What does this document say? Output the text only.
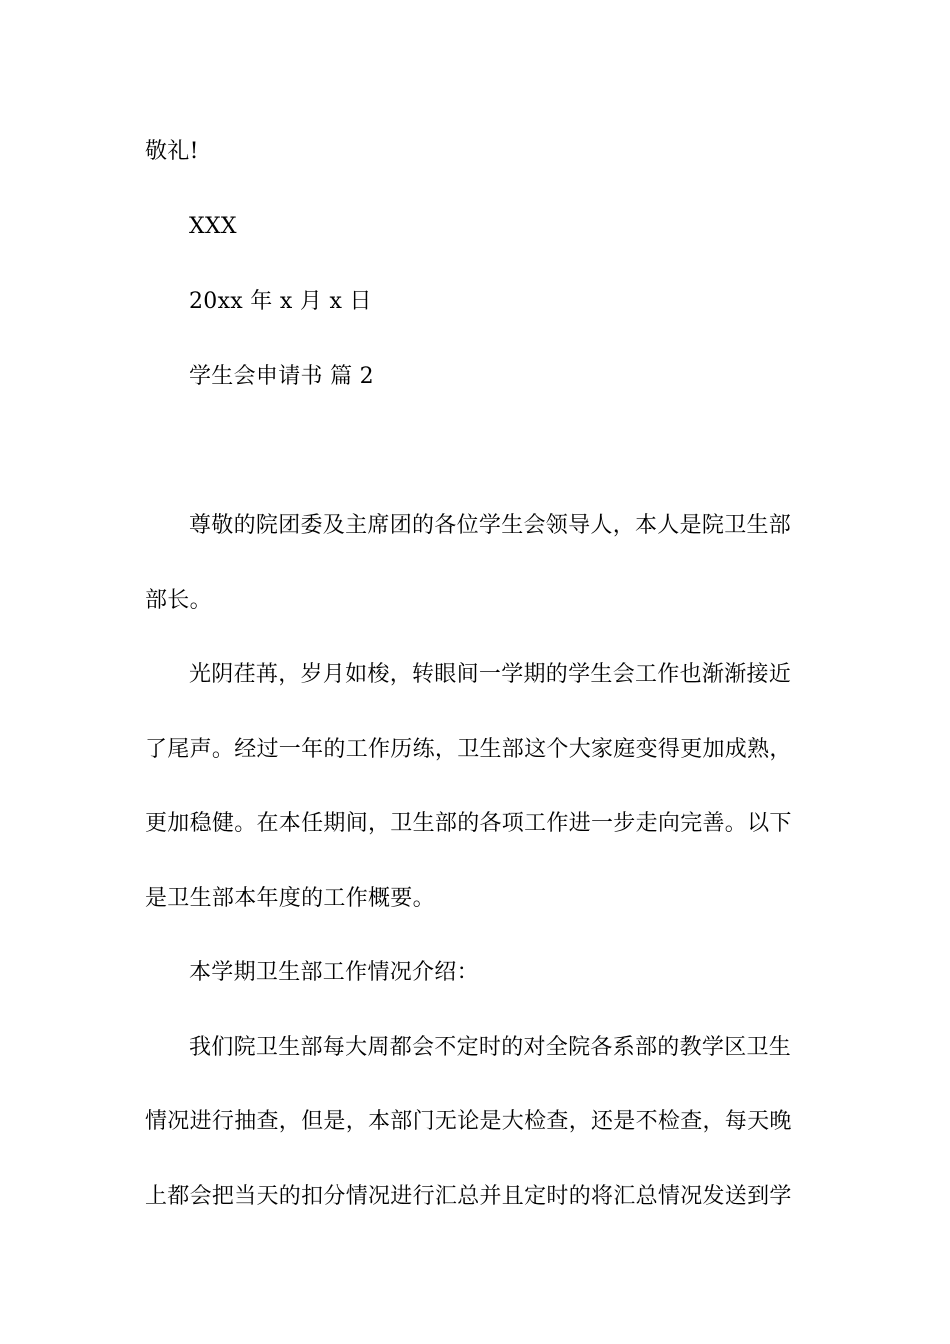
敬礼!
XXX
20xx 年 x 月 x 日
学生会申请书 篇 2
尊敬的院团委及主席团的各位学生会领导人，本人是院卫生部
部长。
光阴荏苒，岁月如梭，转眼间一学期的学生会工作也渐渐接近
了尾声。经过一年的工作历练，卫生部这个大家庭变得更加成熟，
更加稳健。在本任期间，卫生部的各项工作进一步走向完善。以下
是卫生部本年度的工作概要。
本学期卫生部工作情况介绍：
我们院卫生部每大周都会不定时的对全院各系部的教学区卫生
情况进行抽查，但是，本部门无论是大检查，还是不检查，每天晚
上都会把当天的扣分情况进行汇总并且定时的将汇总情况发送到学
